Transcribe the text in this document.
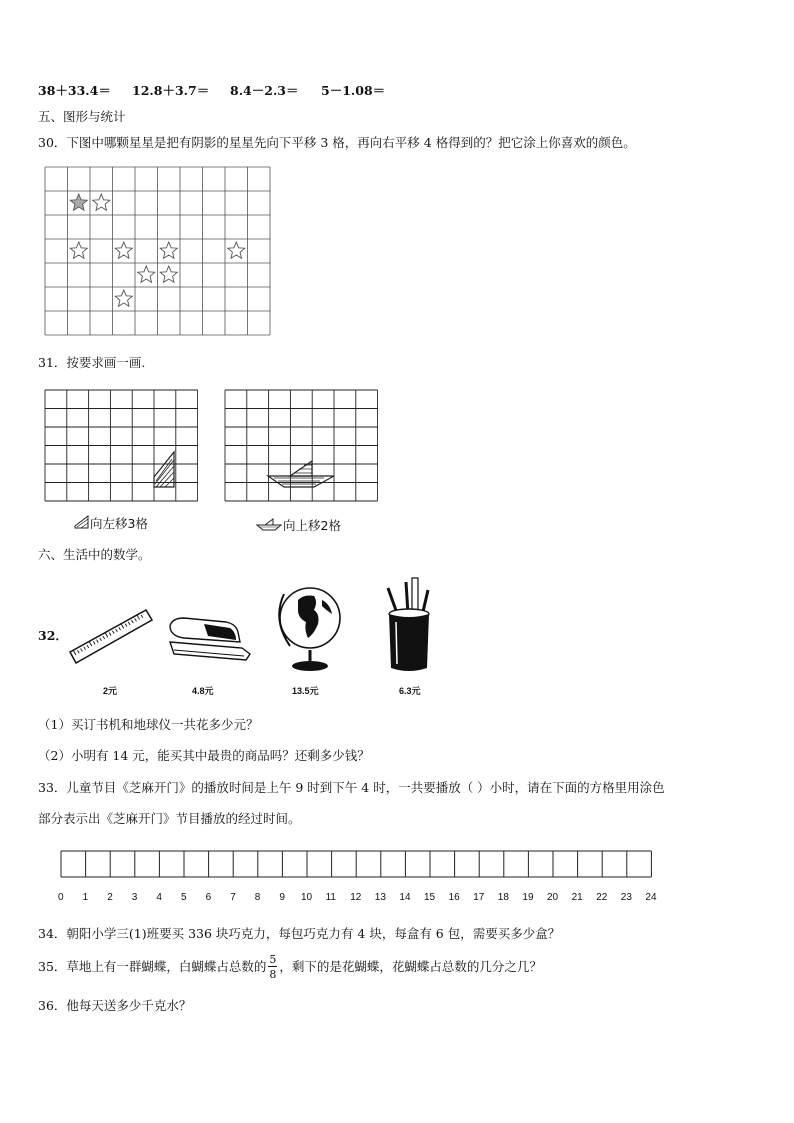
38＋33.4＝ 12.8＋3.7＝ 8.4－2.3＝ 5－1.08＝
五、图形与统计
30．下图中哪颗星星是把有阴影的星星先向下平移 3 格，再向右平移 4 格得到的？把它涂上你喜欢的颜色。
31．按要求画一画.
向左移3格	向上移2格
六、生活中的数学。
32．
2元	4.8元	13.5元	6.3元
（1）买订书机和地球仪一共花多少元？
（2）小明有 14 元，能买其中最贵的商品吗？还剩多少钱？
33．儿童节目《芝麻开门》的播放时间是上午 9 时到下午 4 时，一共要播放（ ）小时，请在下面的方格里用涂色
部分表示出《芝麻开门》节目播放的经过时间。
0 1 2 3 4 5 6 7 8 9 10 11 12 13 14 15 16 17 18 19 20 21 22 23 24
34．朝阳小学三(1)班要买 336 块巧克力，每包巧克力有 4 块，每盒有 6 包，需要买多少盒？
35．草地上有一群蝴蝶，白蝴蝶占总数的 $\frac{5}{8}$ ，剩下的是花蝴蝶，花蝴蝶占总数的几分之几？
36．他每天送多少千克水？
